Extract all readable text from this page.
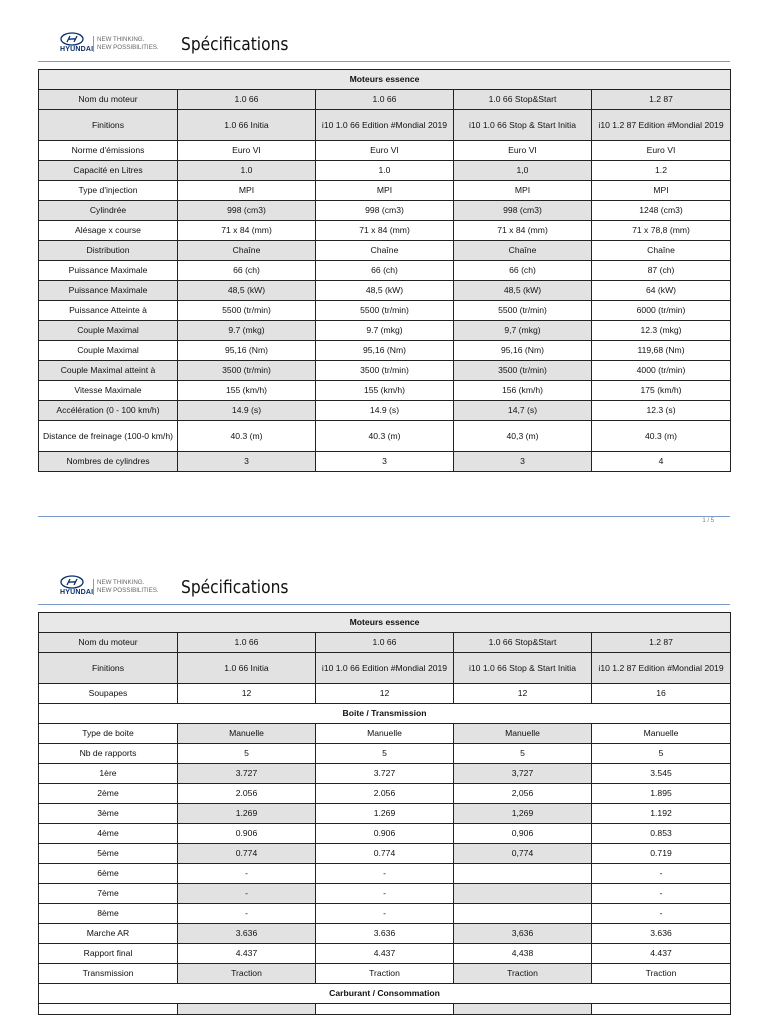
HYUNDAI
NEW THINKING.
NEW POSSIBILITIES. Spécifications
Moteurs essence				
Nom du moteur	1.0 66	1.0 66	1.0 66 Stop&Start	1.2 87
Finitions	1.0 66 Initia	i10 1.0 66 Edition #Mondial 2019	i10 1.0 66 Stop & Start Initia	i10 1.2 87 Edition #Mondial 2019
Norme d'émissions	Euro VI	Euro VI	Euro VI	Euro VI
Capacité en Litres	1.0	1.0	1,0	1.2
Type d'injection	MPI	MPI	MPI	MPI
Cylindrée	998 (cm3)	998 (cm3)	998 (cm3)	1248 (cm3)
Alésage x course	71 x 84 (mm)	71 x 84 (mm)	71 x 84 (mm)	71 x 78,8 (mm)
Distribution	Chaîne	Chaîne	Chaîne	Chaîne
Puissance Maximale	66 (ch)	66 (ch)	66 (ch)	87 (ch)
Puissance Maximale	48,5 (kW)	48,5 (kW)	48,5 (kW)	64 (kW)
Puissance Atteinte à	5500 (tr/min)	5500 (tr/min)	5500 (tr/min)	6000 (tr/min)
Couple Maximal	9.7 (mkg)	9.7 (mkg)	9,7 (mkg)	12.3 (mkg)
Couple Maximal	95,16 (Nm)	95,16 (Nm)	95,16 (Nm)	119,68 (Nm)
Couple Maximal atteint à	3500 (tr/min)	3500 (tr/min)	3500 (tr/min)	4000 (tr/min)
Vitesse Maximale	155 (km/h)	155 (km/h)	156 (km/h)	175 (km/h)
Accélération (0 - 100 km/h)	14.9 (s)	14.9 (s)	14,7 (s)	12.3 (s)
Distance de freinage (100-0 km/h)	40.3 (m)	40.3 (m)	40,3 (m)	40.3 (m)
Nombres de cylindres	3	3	3	4
1 / 5
HYUNDAI
NEW THINKING.
NEW POSSIBILITIES. Spécifications
Moteurs essence				
Nom du moteur	1.0 66	1.0 66	1.0 66 Stop&Start	1.2 87
Finitions	1.0 66 Initia	i10 1.0 66 Edition #Mondial 2019	i10 1.0 66 Stop & Start Initia	i10 1.2 87 Edition #Mondial 2019
Soupapes	12	12	12	16
Boite / Transmission				
Type de boite	Manuelle	Manuelle	Manuelle	Manuelle
Nb de rapports	5	5	5	5
1ère	3.727	3.727	3,727	3.545
2ème	2.056	2.056	2,056	1.895
3ème	1.269	1.269	1,269	1.192
4ème	0.906	0.906	0,906	0.853
5ème	0.774	0.774	0,774	0.719
6ème	-	-		-
7ème	-	-		-
8ème	-	-		-
Marche AR	3.636	3.636	3,636	3.636
Rapport final	4.437	4.437	4,438	4.437
Transmission	Traction	Traction	Traction	Traction
Carburant / Consommation				
